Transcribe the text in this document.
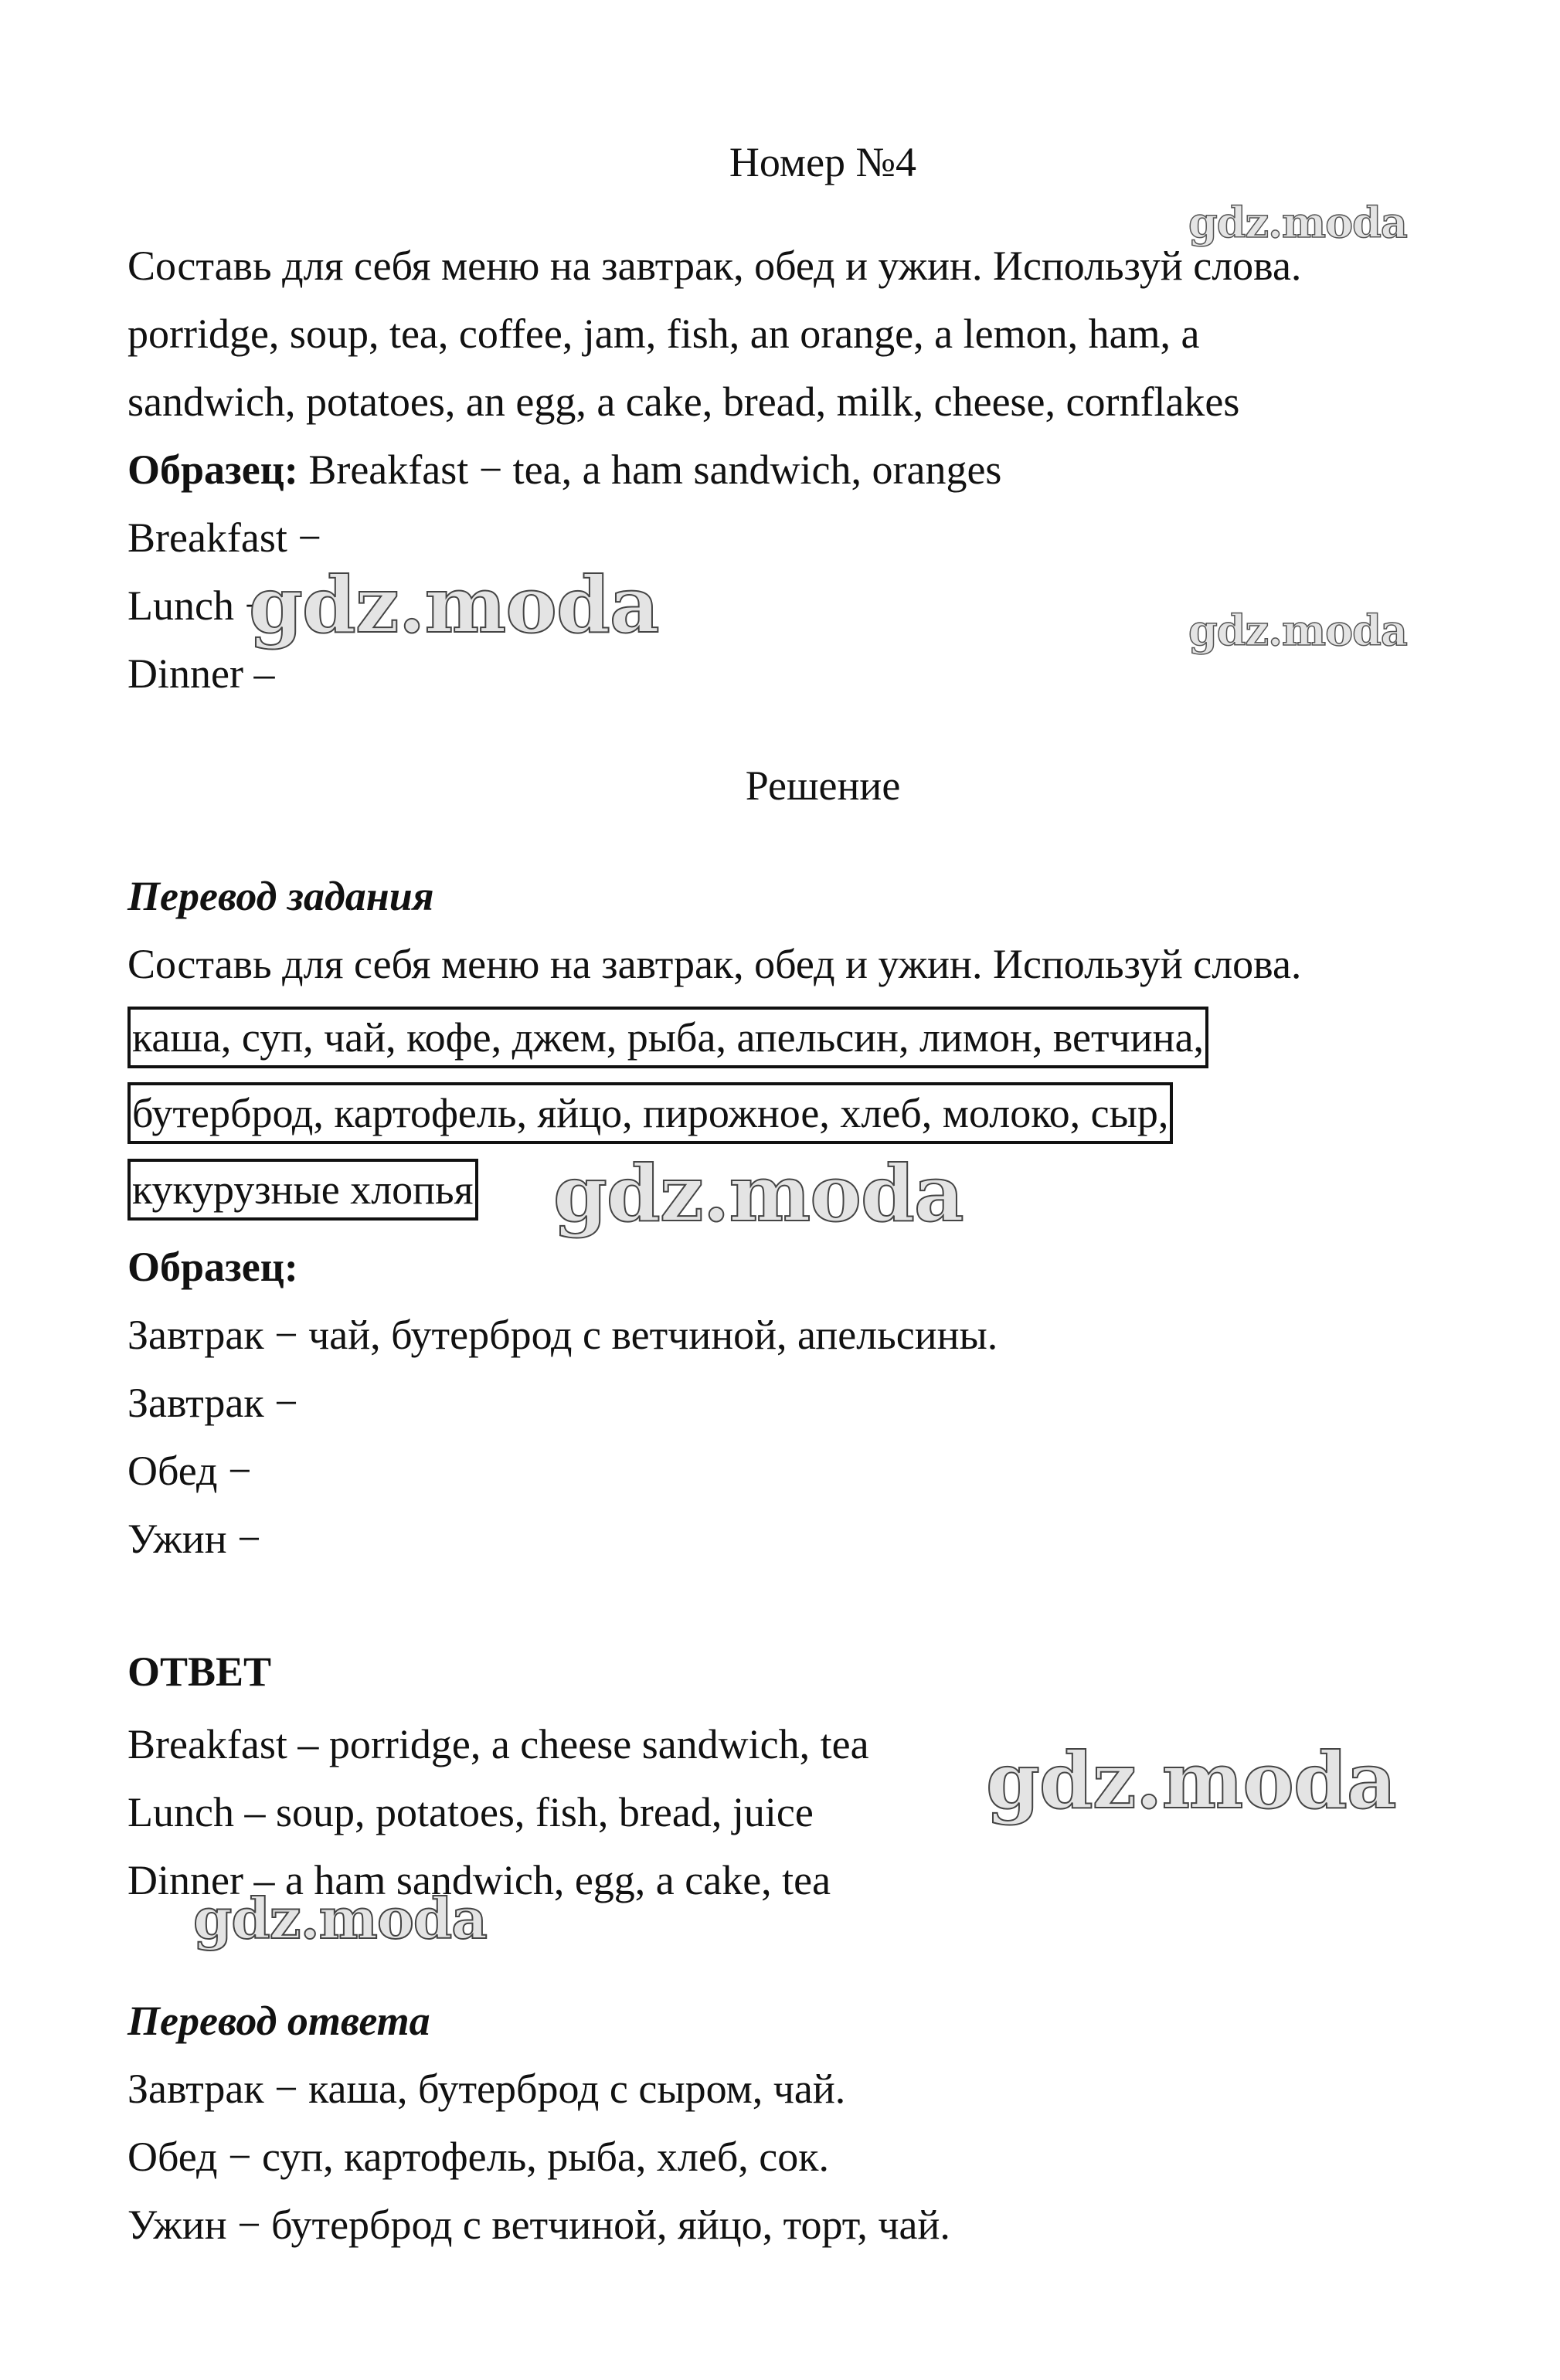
Номер №4
Составь для себя меню на завтрак, обед и ужин. Используй слова.
porridge, soup, tea, coffee, jam, fish, an orange, a lemon, ham, a
sandwich, potatoes, an egg, a cake, bread, milk, cheese, cornflakes
Образец: Breakfast − tea, a ham sandwich, oranges
Breakfast −
Lunch −
Dinner –
Решение
Перевод задания
Составь для себя меню на завтрак, обед и ужин. Используй слова.
каша, суп, чай, кофе, джем, рыба, апельсин, лимон, ветчина,
бутерброд, картофель, яйцо, пирожное, хлеб, молоко, сыр,
кукурузные хлопья
Образец:
Завтрак − чай, бутерброд с ветчиной, апельсины.
Завтрак −
Обед −
Ужин −
ОТВЕТ
Breakfast – porridge, a cheese sandwich, tea
Lunch – soup, potatoes, fish, bread, juice
Dinner – a ham sandwich, egg, a cake, tea
Перевод ответа
Завтрак − каша, бутерброд с сыром, чай.
Обед − суп, картофель, рыба, хлеб, сок.
Ужин − бутерброд с ветчиной, яйцо, торт, чай.
gdz.moda
gdz.moda	gdz.moda
gdz.moda
gdz.moda
gdz.moda
